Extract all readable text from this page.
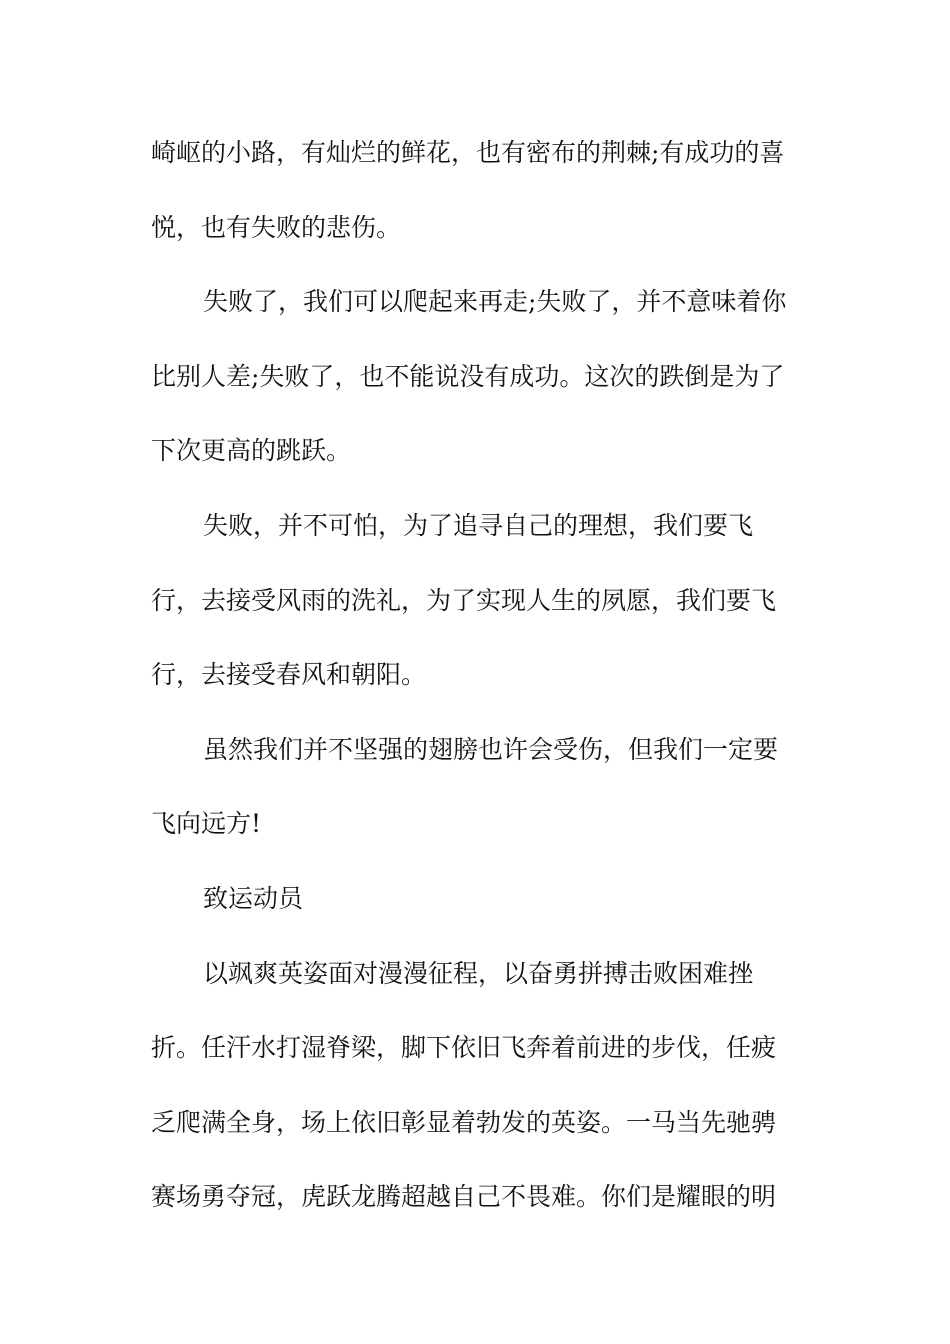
崎岖的小路，有灿烂的鲜花，也有密布的荆棘;有成功的喜
悦，也有失败的悲伤。
失败了，我们可以爬起来再走;失败了，并不意味着你
比别人差;失败了，也不能说没有成功。这次的跌倒是为了
下次更高的跳跃。
失败，并不可怕，为了追寻自己的理想，我们要飞
行，去接受风雨的洗礼，为了实现人生的夙愿，我们要飞
行，去接受春风和朝阳。
虽然我们并不坚强的翅膀也许会受伤，但我们一定要
飞向远方!
致运动员
以飒爽英姿面对漫漫征程，以奋勇拼搏击败困难挫
折。任汗水打湿脊梁，脚下依旧飞奔着前进的步伐，任疲
乏爬满全身，场上依旧彰显着勃发的英姿。一马当先驰骋
赛场勇夺冠，虎跃龙腾超越自己不畏难。你们是耀眼的明
